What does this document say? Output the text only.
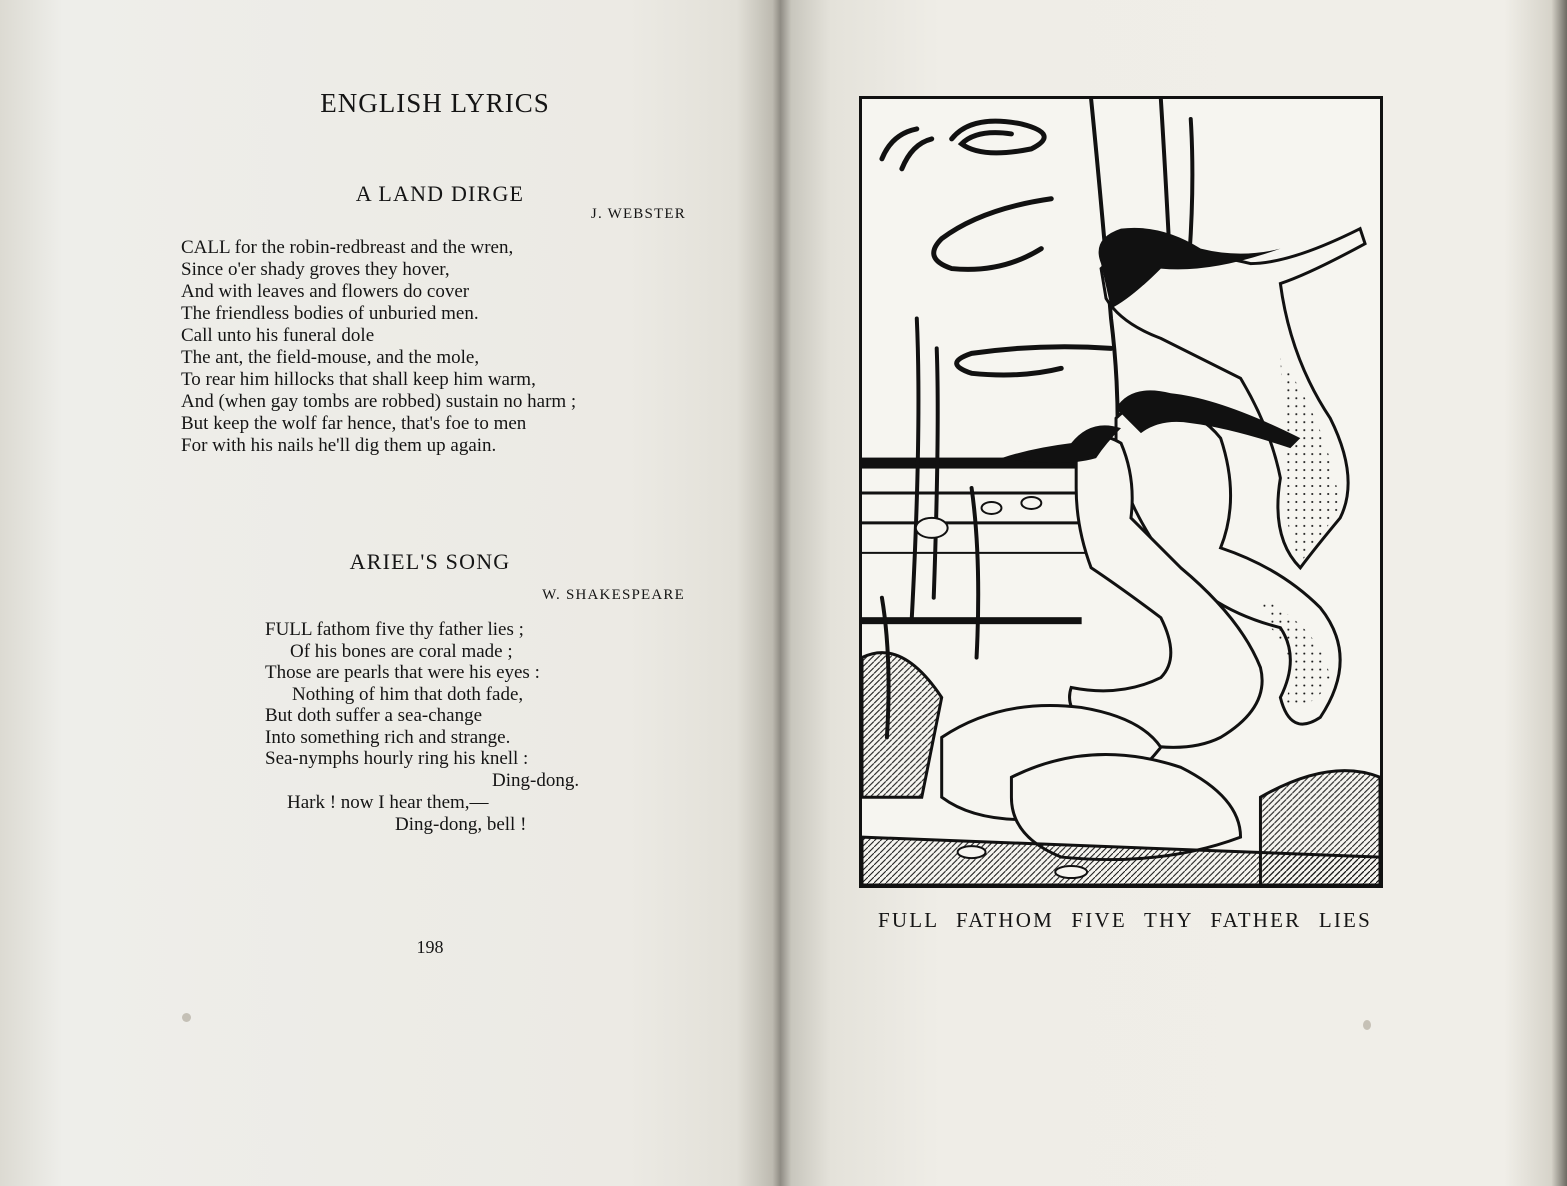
ENGLISH LYRICS
A LAND DIRGE
J. WEBSTER
CALL for the robin-redbreast and the wren,
Since o'er shady groves they hover,
And with leaves and flowers do cover
The friendless bodies of unburied men.
Call unto his funeral dole
The ant, the field-mouse, and the mole,
To rear him hillocks that shall keep him warm,
And (when gay tombs are robbed) sustain no harm ;
But keep the wolf far hence, that's foe to men
For with his nails he'll dig them up again.
ARIEL'S SONG
W. SHAKESPEARE
FULL fathom five thy father lies ;
Of his bones are coral made ;
Those are pearls that were his eyes :
Nothing of him that doth fade,
But doth suffer a sea-change
Into something rich and strange.
Sea-nymphs hourly ring his knell :
Ding-dong.
Hark ! now I hear them,—
Ding-dong, bell !
198
FULL FATHOM FIVE THY FATHER LIES
